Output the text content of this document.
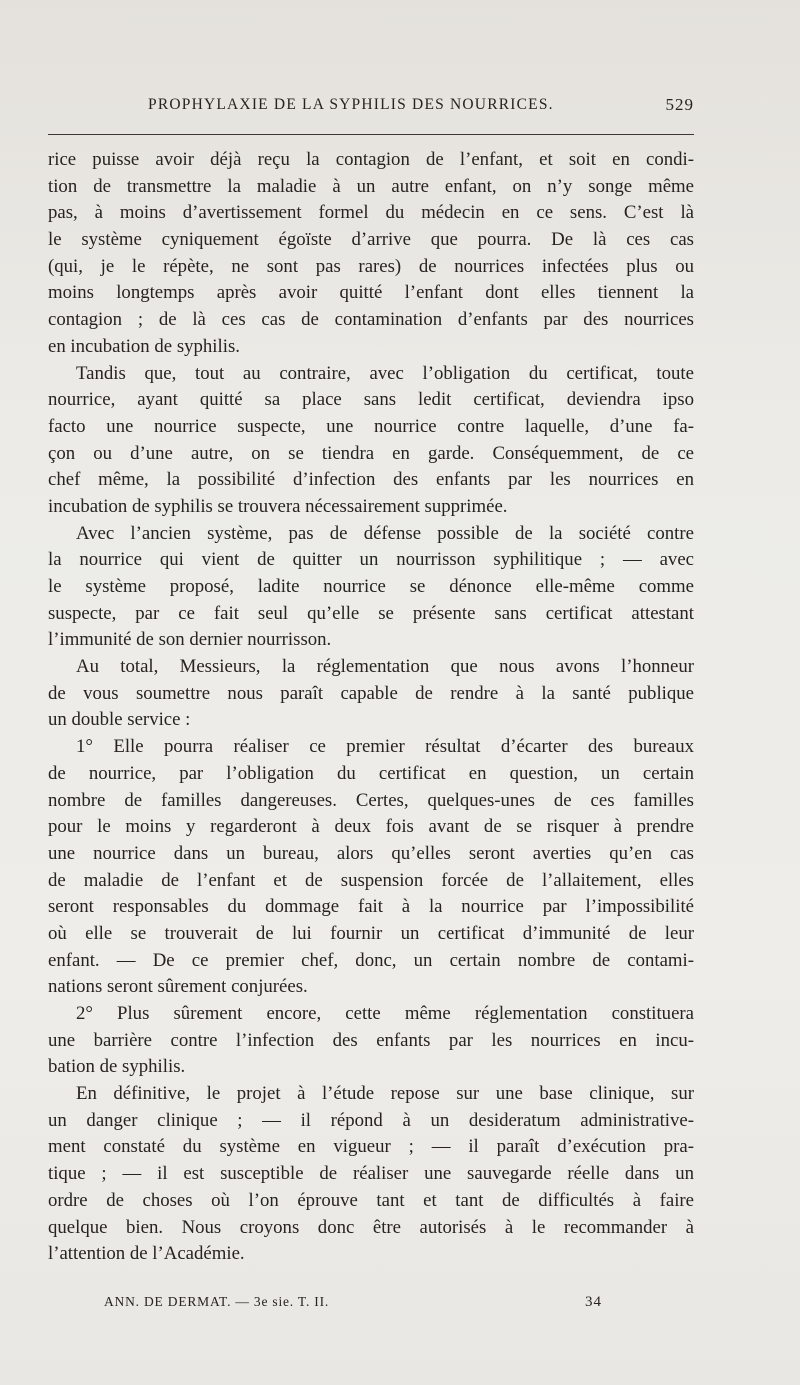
PROPHYLAXIE DE LA SYPHILIS DES NOURRICES.	529
rice puisse avoir déjà reçu la contagion de l’enfant, et soit en condi-
tion de transmettre la maladie à un autre enfant, on n’y songe même
pas, à moins d’avertissement formel du médecin en ce sens. C’est là
le système cyniquement égoïste d’arrive que pourra. De là ces cas
(qui, je le répète, ne sont pas rares) de nourrices infectées plus ou
moins longtemps après avoir quitté l’enfant dont elles tiennent la
contagion ; de là ces cas de contamination d’enfants par des nourrices
en incubation de syphilis.
Tandis que, tout au contraire, avec l’obligation du certificat, toute
nourrice, ayant quitté sa place sans ledit certificat, deviendra ipso
facto une nourrice suspecte, une nourrice contre laquelle, d’une fa-
çon ou d’une autre, on se tiendra en garde. Conséquemment, de ce
chef même, la possibilité d’infection des enfants par les nourrices en
incubation de syphilis se trouvera nécessairement supprimée.
Avec l’ancien système, pas de défense possible de la société contre
la nourrice qui vient de quitter un nourrisson syphilitique ; — avec
le système proposé, ladite nourrice se dénonce elle-même comme
suspecte, par ce fait seul qu’elle se présente sans certificat attestant
l’immunité de son dernier nourrisson.
Au total, Messieurs, la réglementation que nous avons l’honneur
de vous soumettre nous paraît capable de rendre à la santé publique
un double service :
1° Elle pourra réaliser ce premier résultat d’écarter des bureaux
de nourrice, par l’obligation du certificat en question, un certain
nombre de familles dangereuses. Certes, quelques-unes de ces familles
pour le moins y regarderont à deux fois avant de se risquer à prendre
une nourrice dans un bureau, alors qu’elles seront averties qu’en cas
de maladie de l’enfant et de suspension forcée de l’allaitement, elles
seront responsables du dommage fait à la nourrice par l’impossibilité
où elle se trouverait de lui fournir un certificat d’immunité de leur
enfant. — De ce premier chef, donc, un certain nombre de contami-
nations seront sûrement conjurées.
2° Plus sûrement encore, cette même réglementation constituera
une barrière contre l’infection des enfants par les nourrices en incu-
bation de syphilis.
En définitive, le projet à l’étude repose sur une base clinique, sur
un danger clinique ; — il répond à un desideratum administrative-
ment constaté du système en vigueur ; — il paraît d’exécution pra-
tique ; — il est susceptible de réaliser une sauvegarde réelle dans un
ordre de choses où l’on éprouve tant et tant de difficultés à faire
quelque bien. Nous croyons donc être autorisés à le recommander à
l’attention de l’Académie.
ANN. DE DERMAT. — 3e sie. T. II.	34
